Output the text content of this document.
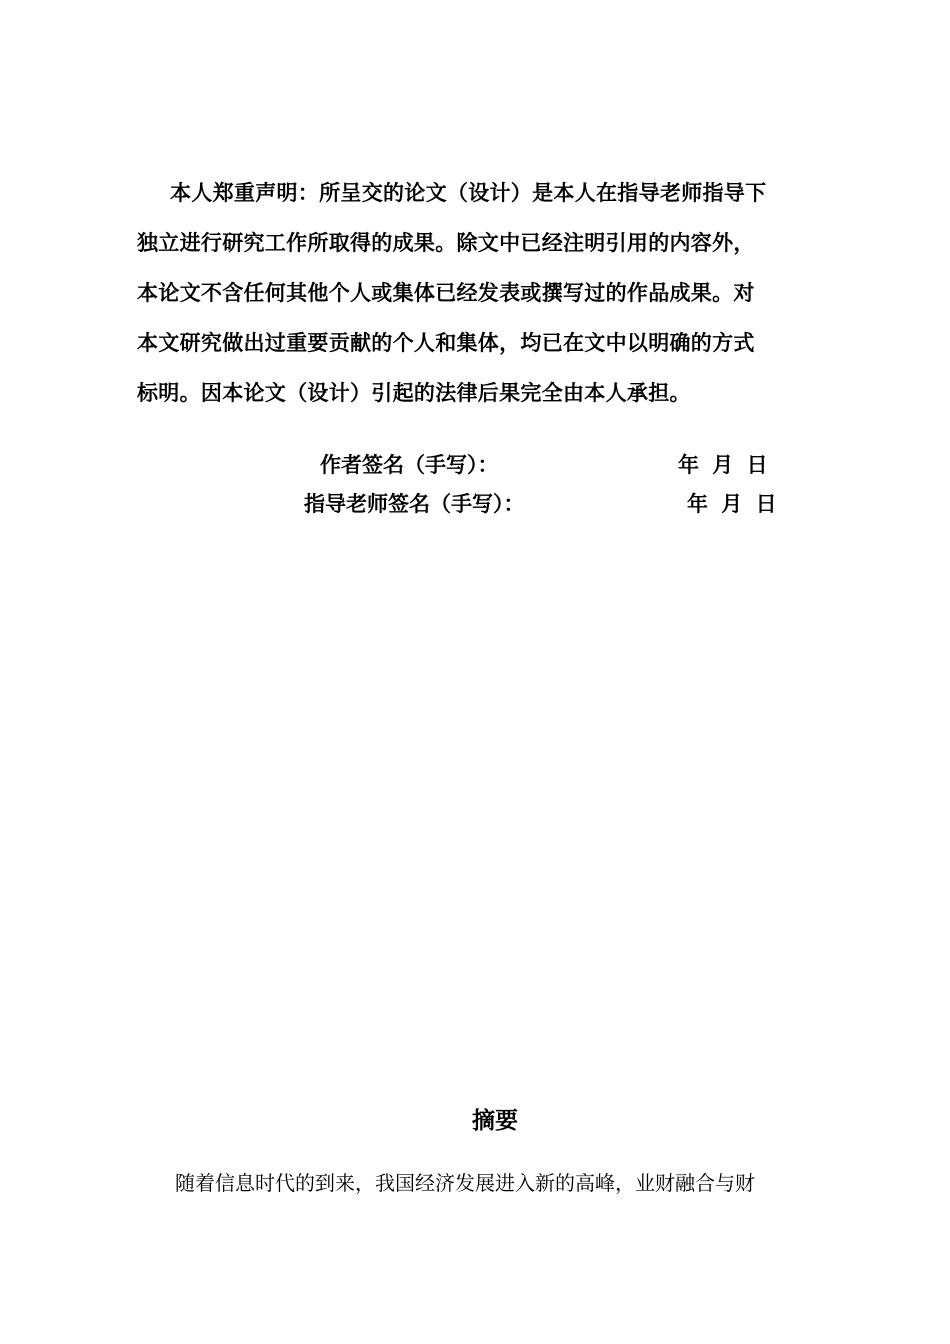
本人郑重声明：所呈交的论文（设计）是本人在指导老师指导下
独立进行研究工作所取得的成果。除文中已经注明引用的内容外，
本论文不含任何其他个人或集体已经发表或撰写过的作品成果。对
本文研究做出过重要贡献的个人和集体，均已在文中以明确的方式
标明。因本论文（设计）引起的法律后果完全由本人承担。
作者签名（手写）：	年 月 日
指导老师签名（手写）：	年 月 日
摘要
随着信息时代的到来，我国经济发展进入新的高峰，业财融合与财
